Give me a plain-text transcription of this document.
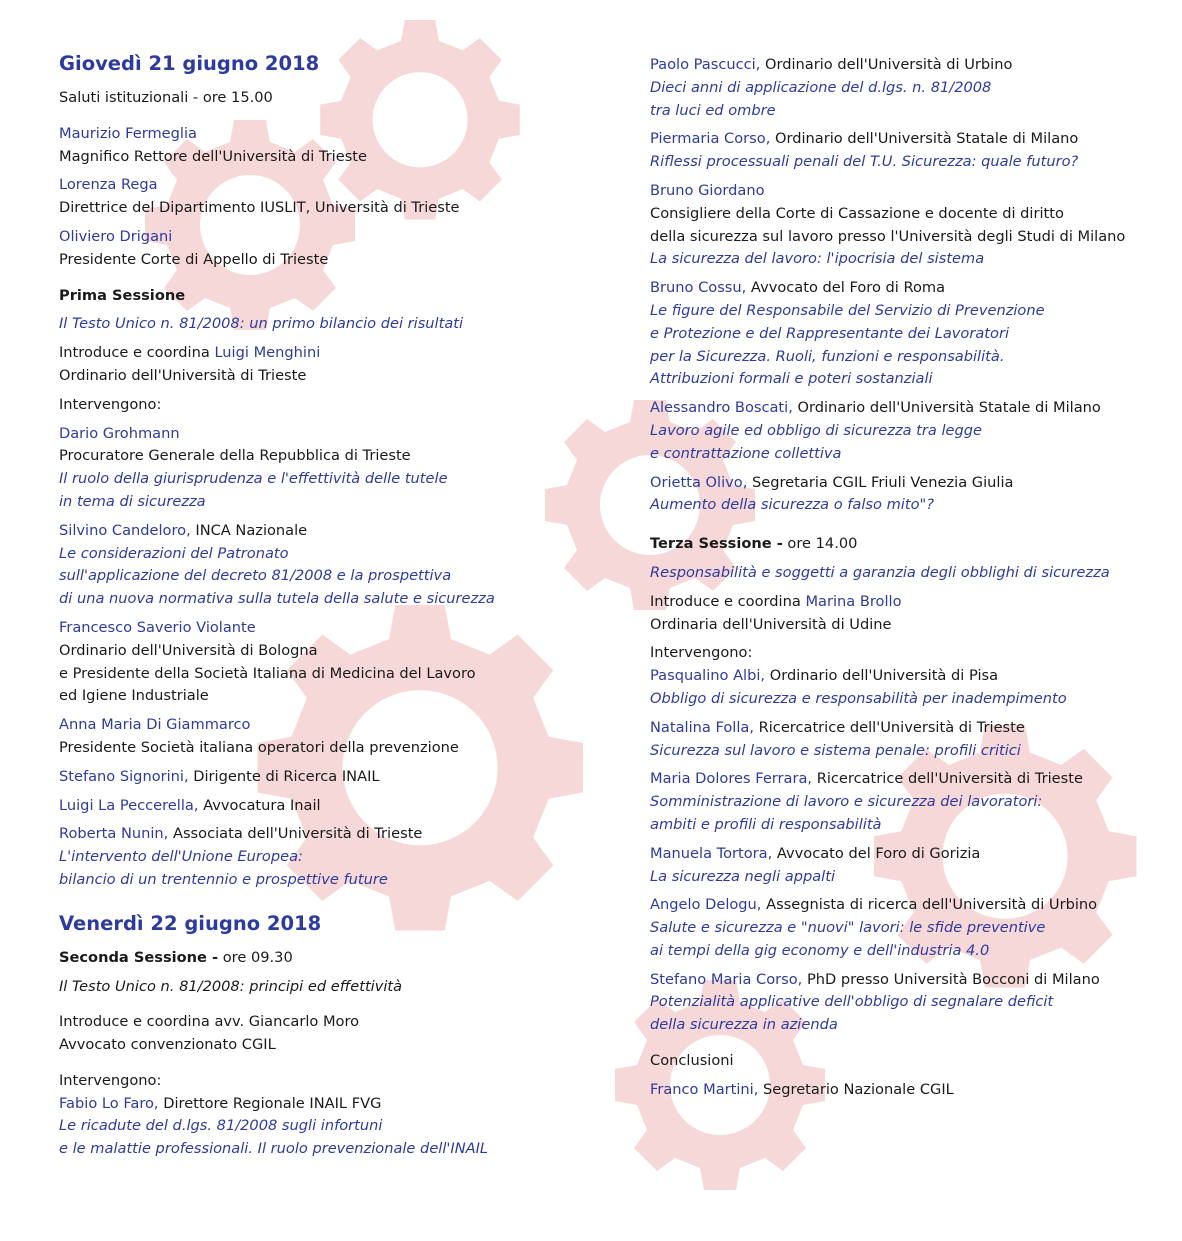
Giovedì 21 giugno 2018
Saluti istituzionali - ore 15.00
Maurizio Fermeglia
Magnifico Rettore dell'Università di Trieste
Lorenza Rega
Direttrice del Dipartimento IUSLIT, Università di Trieste
Oliviero Drigani
Presidente Corte di Appello di Trieste
Prima Sessione
Il Testo Unico n. 81/2008: un primo bilancio dei risultati
Introduce e coordina Luigi Menghini
Ordinario dell'Università di Trieste
Intervengono:
Dario Grohmann
Procuratore Generale della Repubblica di Trieste
Il ruolo della giurisprudenza e l'effettività delle tutele
in tema di sicurezza
Silvino Candeloro, INCA Nazionale
Le considerazioni del Patronato
sull'applicazione del decreto 81/2008 e la prospettiva
di una nuova normativa sulla tutela della salute e sicurezza
Francesco Saverio Violante
Ordinario dell'Università di Bologna
e Presidente della Società Italiana di Medicina del Lavoro
ed Igiene Industriale
Anna Maria Di Giammarco
Presidente Società italiana operatori della prevenzione
Stefano Signorini, Dirigente di Ricerca INAIL
Luigi La Peccerella, Avvocatura Inail
Roberta Nunin, Associata dell'Università di Trieste
L'intervento dell'Unione Europea:
bilancio di un trentennio e prospettive future
Venerdì 22 giugno 2018
Seconda Sessione - ore 09.30
Il Testo Unico n. 81/2008: principi ed effettività
Introduce e coordina avv. Giancarlo Moro
Avvocato convenzionato CGIL
Intervengono:
Fabio Lo Faro, Direttore Regionale INAIL FVG
Le ricadute del d.lgs. 81/2008 sugli infortuni
e le malattie professionali. Il ruolo prevenzionale dell'INAIL
Paolo Pascucci, Ordinario dell'Università di Urbino
Dieci anni di applicazione del d.lgs. n. 81/2008
tra luci ed ombre
Piermaria Corso, Ordinario dell'Università Statale di Milano
Riflessi processuali penali del T.U. Sicurezza: quale futuro?
Bruno Giordano
Consigliere della Corte di Cassazione e docente di diritto
della sicurezza sul lavoro presso l'Università degli Studi di Milano
La sicurezza del lavoro: l'ipocrisia del sistema
Bruno Cossu, Avvocato del Foro di Roma
Le figure del Responsabile del Servizio di Prevenzione
e Protezione e del Rappresentante dei Lavoratori
per la Sicurezza. Ruoli, funzioni e responsabilità.
Attribuzioni formali e poteri sostanziali
Alessandro Boscati, Ordinario dell'Università Statale di Milano
Lavoro agile ed obbligo di sicurezza tra legge
e contrattazione collettiva
Orietta Olivo, Segretaria CGIL Friuli Venezia Giulia
Aumento della sicurezza o falso mito"?
Terza Sessione - ore 14.00
Responsabilità e soggetti a garanzia degli obblighi di sicurezza
Introduce e coordina Marina Brollo
Ordinaria dell'Università di Udine
Intervengono:
Pasqualino Albi, Ordinario dell'Università di Pisa
Obbligo di sicurezza e responsabilità per inadempimento
Natalina Folla, Ricercatrice dell'Università di Trieste
Sicurezza sul lavoro e sistema penale: profili critici
Maria Dolores Ferrara, Ricercatrice dell'Università di Trieste
Somministrazione di lavoro e sicurezza dei lavoratori:
ambiti e profili di responsabilità
Manuela Tortora, Avvocato del Foro di Gorizia
La sicurezza negli appalti
Angelo Delogu, Assegnista di ricerca dell'Università di Urbino
Salute e sicurezza e "nuovi" lavori: le sfide preventive
ai tempi della gig economy e dell'industria 4.0
Stefano Maria Corso, PhD presso Università Bocconi di Milano
Potenzialità applicative dell'obbligo di segnalare deficit
della sicurezza in azienda
Conclusioni
Franco Martini, Segretario Nazionale CGIL
